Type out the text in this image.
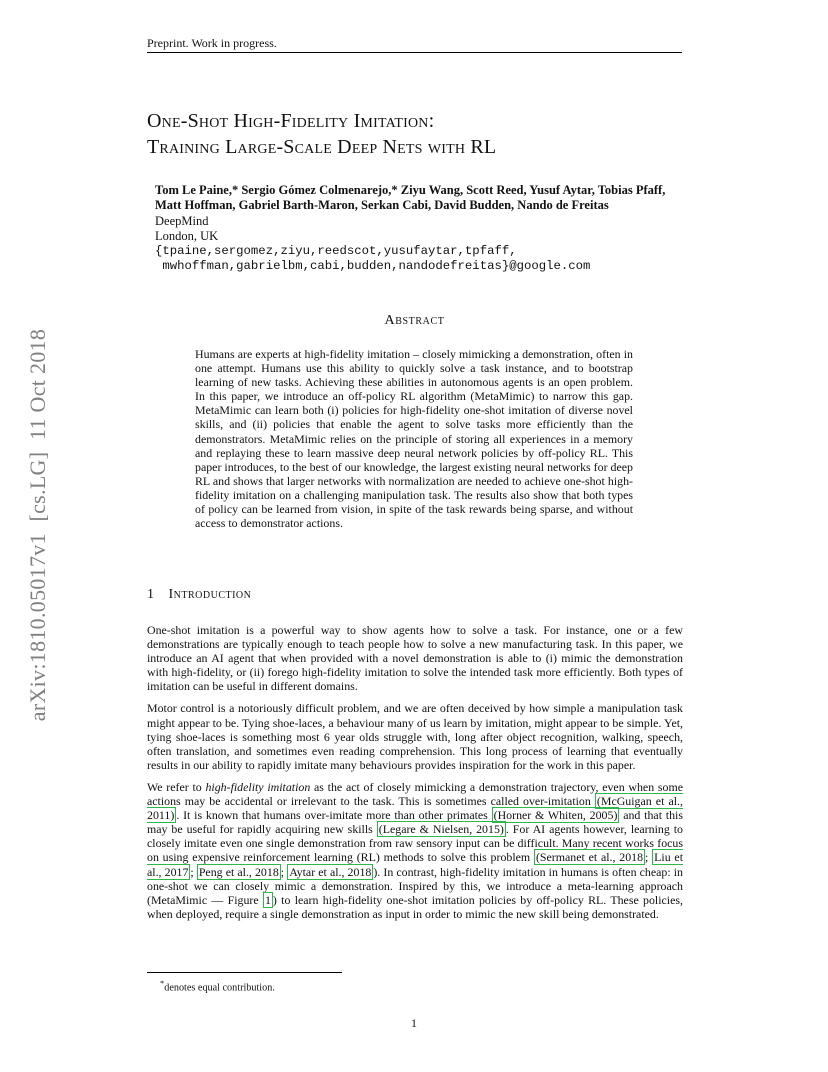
Preprint. Work in progress.
One-Shot High-Fidelity Imitation:
Training Large-Scale Deep Nets with RL
Tom Le Paine,* Sergio Gómez Colmenarejo,* Ziyu Wang, Scott Reed, Yusuf Aytar, Tobias Pfaff,
Matt Hoffman, Gabriel Barth-Maron, Serkan Cabi, David Budden, Nando de Freitas
DeepMind
London, UK
{tpaine,sergomez,ziyu,reedscot,yusufaytar,tpfaff,
mwhoffman,gabrielbm,cabi,budden,nandodefreitas}@google.com
Abstract
Humans are experts at high-fidelity imitation – closely mimicking a demonstration, often in one attempt. Humans use this ability to quickly solve a task instance, and to bootstrap learning of new tasks. Achieving these abilities in autonomous agents is an open problem. In this paper, we introduce an off-policy RL algorithm (MetaMimic) to narrow this gap. MetaMimic can learn both (i) policies for high-fidelity one-shot imitation of diverse novel skills, and (ii) policies that enable the agent to solve tasks more efficiently than the demonstrators. MetaMimic relies on the principle of storing all experiences in a memory and replaying these to learn massive deep neural network policies by off-policy RL. This paper introduces, to the best of our knowledge, the largest existing neural networks for deep RL and shows that larger networks with normalization are needed to achieve one-shot high-fidelity imitation on a challenging manipulation task. The results also show that both types of policy can be learned from vision, in spite of the task rewards being sparse, and without access to demonstrator actions.
1 Introduction

One-shot imitation is a powerful way to show agents how to solve a task. For instance, one or a few demonstrations are typically enough to teach people how to solve a new manufacturing task. In this paper, we introduce an AI agent that when provided with a novel demonstration is able to (i) mimic the demonstration with high-fidelity, or (ii) forego high-fidelity imitation to solve the intended task more efficiently. Both types of imitation can be useful in different domains.

Motor control is a notoriously difficult problem, and we are often deceived by how simple a manipulation task might appear to be. Tying shoe-laces, a behaviour many of us learn by imitation, might appear to be simple. Yet, tying shoe-laces is something most 6 year olds struggle with, long after object recognition, walking, speech, often translation, and sometimes even reading comprehension. This long process of learning that eventually results in our ability to rapidly imitate many behaviours provides inspiration for the work in this paper.

We refer to high-fidelity imitation as the act of closely mimicking a demonstration trajectory, even when some actions may be accidental or irrelevant to the task. This is sometimes called over-imitation (McGuigan et al., 2011) . It is known that humans over-imitate more than other primates (Horner & Whiten, 2005) and that this may be useful for rapidly acquiring new skills (Legare & Nielsen, 2015) . For AI agents however, learning to closely imitate even one single demonstration from raw sensory input can be difficult. Many recent works focus on using expensive reinforcement learning (RL) methods to solve this problem (Sermanet et al., 2018 ; Liu et al., 2017 ; Peng et al., 2018 ; Aytar et al., 2018 ). In contrast, high-fidelity imitation in humans is often cheap: in one-shot we can closely mimic a demonstration. Inspired by this, we introduce a meta-learning approach (MetaMimic — Figure 1 ) to learn high-fidelity one-shot imitation policies by off-policy RL. These policies, when deployed, require a single demonstration as input in order to mimic the new skill being demonstrated.

*denotes equal contribution.
1
arXiv:1810.05017v1  [cs.LG]  11 Oct 2018
